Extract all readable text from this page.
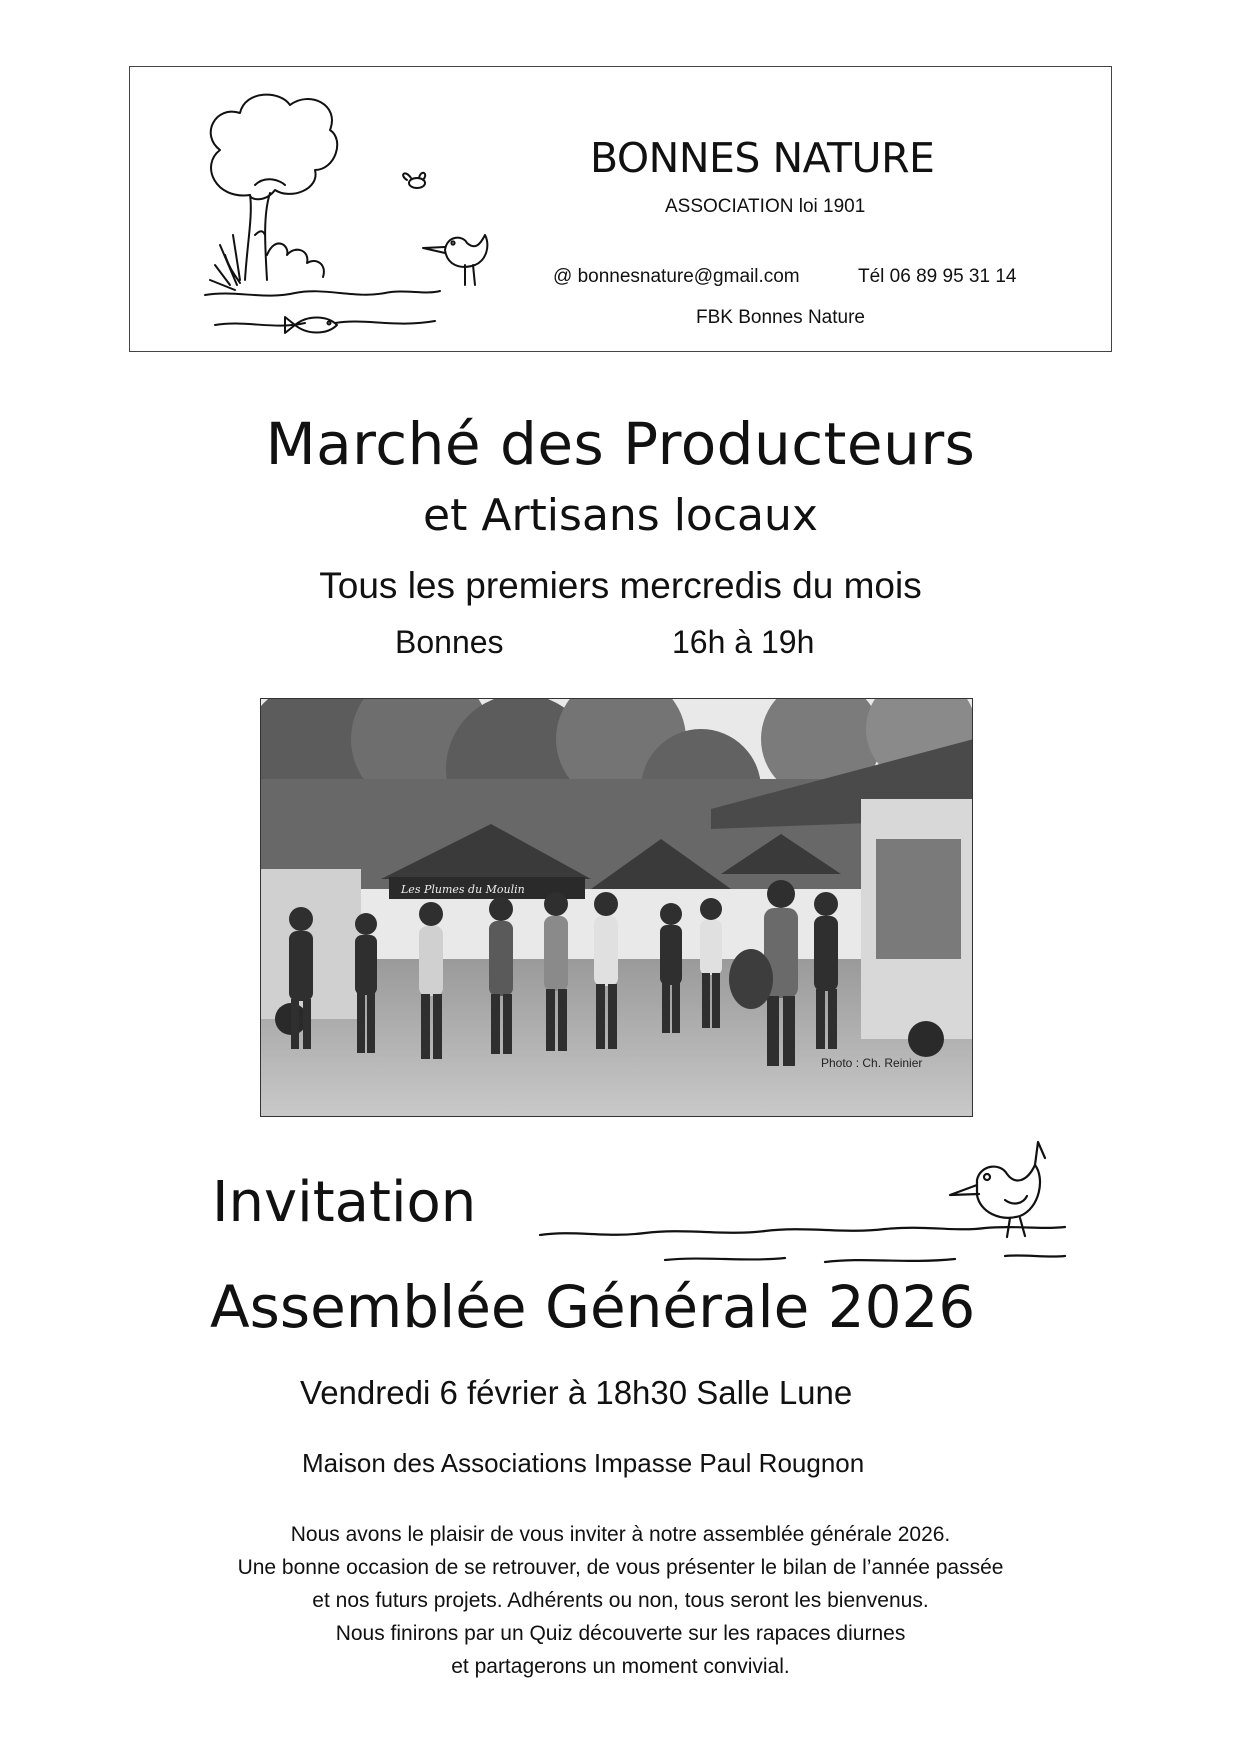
BONNES NATURE
ASSOCIATION loi 1901
@ bonnesnature@gmail.com	Tél 06 89 95 31 14
FBK Bonnes Nature
Marché des Producteurs
et Artisans locaux
Tous les premiers mercredis du mois
Bonnes	16h à 19h
Les Plumes du Moulin
Photo : Ch. Reinier
Invitation
Assemblée Générale 2026
Vendredi 6 février à 18h30 Salle Lune
Maison des Associations Impasse Paul Rougnon
Nous avons le plaisir de vous inviter à notre assemblée générale 2026.
Une bonne occasion de se retrouver, de vous présenter le bilan de l’année passée
et nos futurs projets. Adhérents ou non, tous seront les bienvenus.
Nous finirons par un Quiz découverte sur les rapaces diurnes
et partagerons un moment convivial.
